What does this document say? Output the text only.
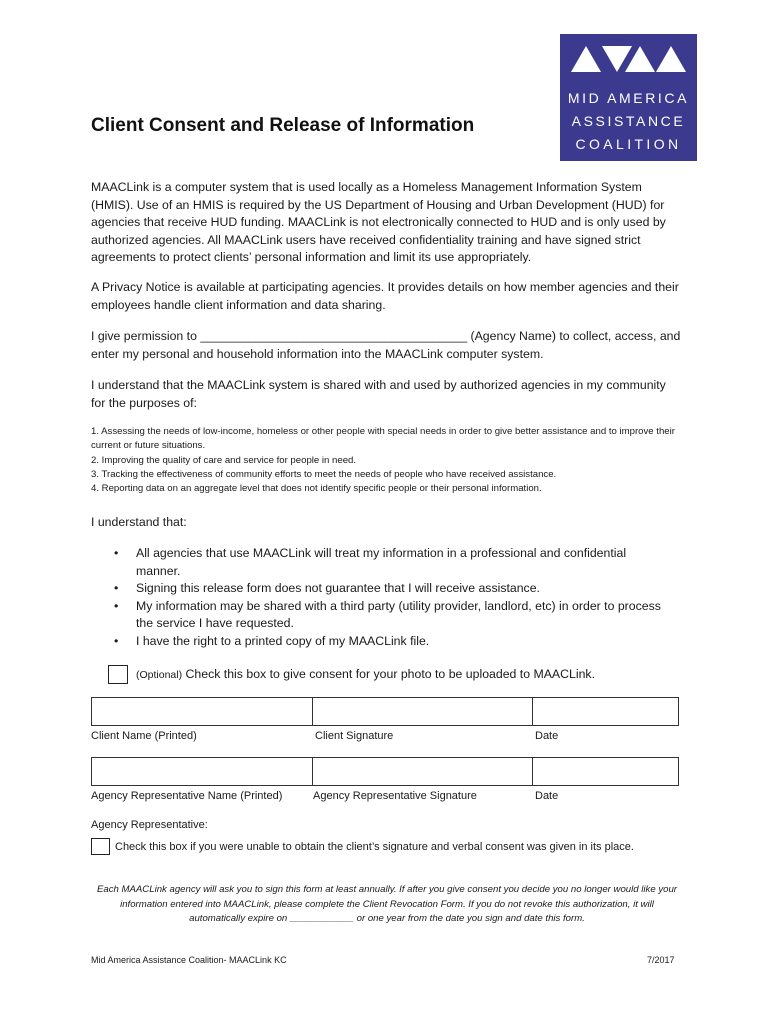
MID AMERICA
ASSISTANCE
COALITION
Client Consent and Release of Information
MAACLink is a computer system that is used locally as a Homeless Management Information System (HMIS). Use of an HMIS is required by the US Department of Housing and Urban Development (HUD) for agencies that receive HUD funding. MAACLink is not electronically connected to HUD and is only used by authorized agencies. All MAACLink users have received confidentiality training and have signed strict agreements to protect clients’ personal information and limit its use appropriately.
A Privacy Notice is available at participating agencies. It provides details on how member agencies and their employees handle client information and data sharing.
I give permission to _______________________________________ (Agency Name) to collect, access, and enter my personal and household information into the MAACLink computer system.
I understand that the MAACLink system is shared with and used by authorized agencies in my community for the purposes of:
1. Assessing the needs of low-income, homeless or other people with special needs in order to give better assistance and to improve their current or future situations.
2. Improving the quality of care and service for people in need.
3. Tracking the effectiveness of community efforts to meet the needs of people who have received assistance.
4. Reporting data on an aggregate level that does not identify specific people or their personal information.
I understand that:
• All agencies that use MAACLink will treat my information in a professional and confidential manner.
• Signing this release form does not guarantee that I will receive assistance.
• My information may be shared with a third party (utility provider, landlord, etc) in order to process the service I have requested.
• I have the right to a printed copy of my MAACLink file.
(Optional) Check this box to give consent for your photo to be uploaded to MAACLink.
Client Name (Printed)	Client Signature	Date
Agency Representative Name (Printed)	Agency Representative Signature	Date
Agency Representative:
Check this box if you were unable to obtain the client’s signature and verbal consent was given in its place.
Each MAACLink agency will ask you to sign this form at least annually. If after you give consent you decide you no longer would like your information entered into MAACLink, please complete the Client Revocation Form. If you do not revoke this authorization, it will automatically expire on ____________ or one year from the date you sign and date this form.
Mid America Assistance Coalition- MAACLink KC	7/2017
